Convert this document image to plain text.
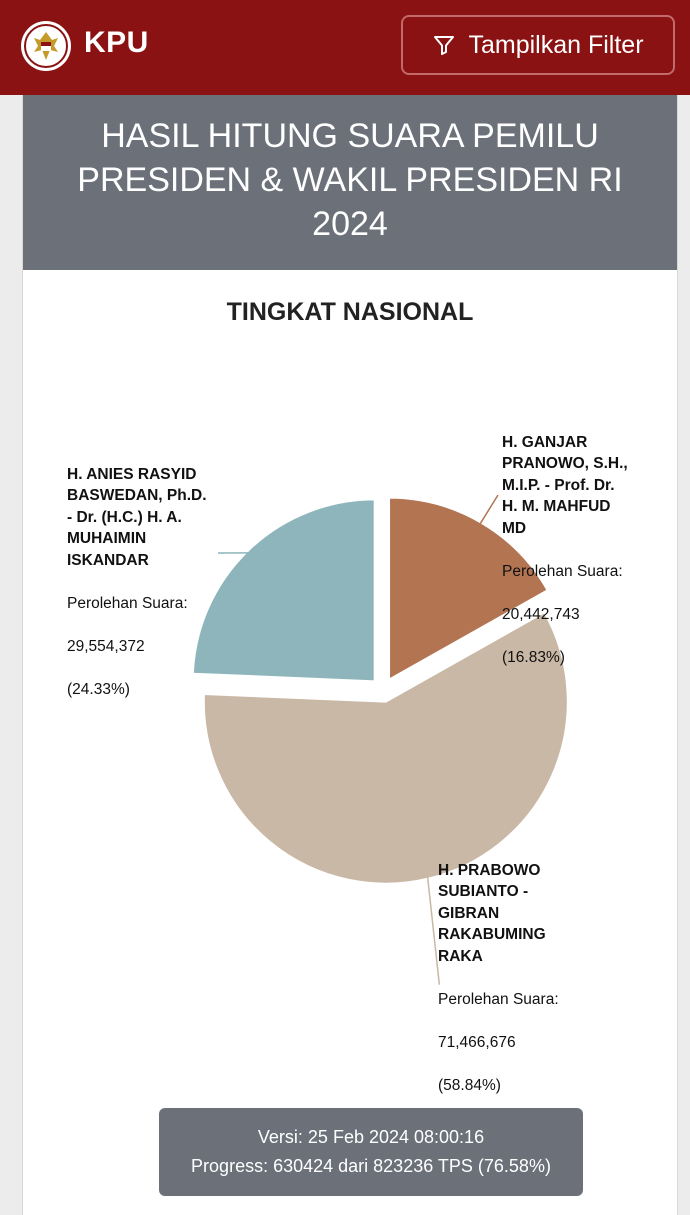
KPU	Tampilkan Filter
HASIL HITUNG SUARA PEMILU PRESIDEN & WAKIL PRESIDEN RI 2024
TINGKAT NASIONAL

H. GANJAR
PRANOWO, S.H.,
M.I.P. - Prof. Dr.
H. M. MAHFUD
MD

Perolehan Suara:

20,442,743

(16.83%)

H. ANIES RASYID
BASWEDAN, Ph.D.
- Dr. (H.C.) H. A.
MUHAIMIN
ISKANDAR

Perolehan Suara:

29,554,372

(24.33%)

H. PRABOWO
SUBIANTO -
GIBRAN
RAKABUMING
RAKA

Perolehan Suara:

71,466,676

(58.84%)

Versi: 25 Feb 2024 08:00:16
Progress: 630424 dari 823236 TPS (76.58%)
